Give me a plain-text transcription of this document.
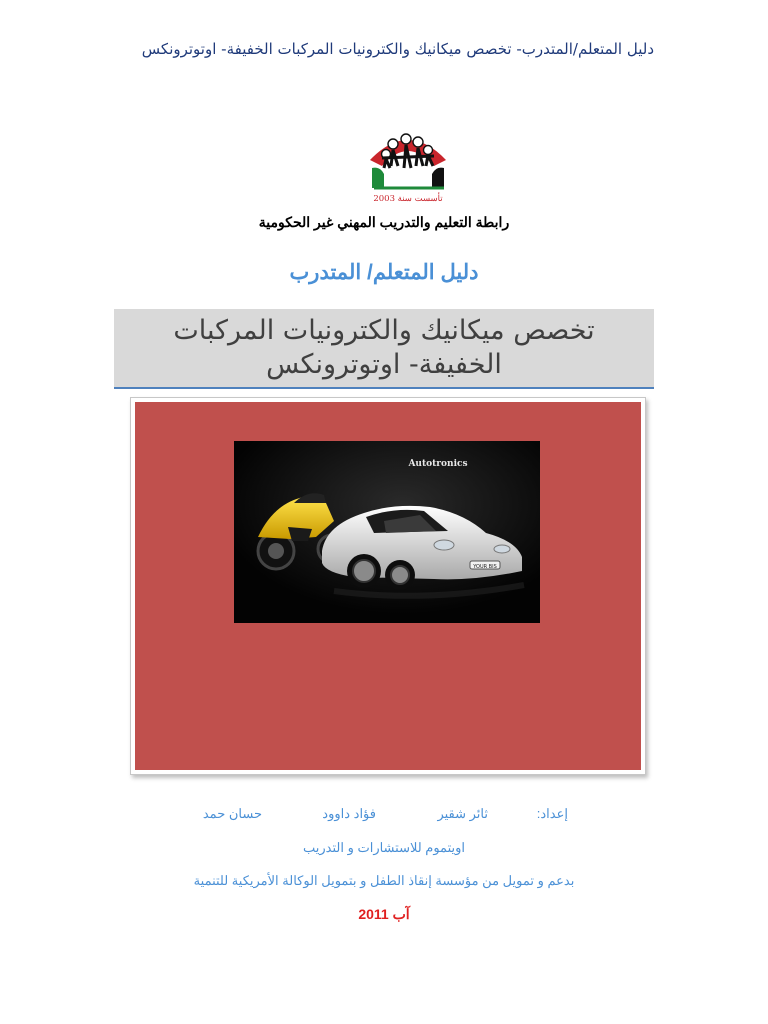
دليل المتعلم/المتدرب- تخصص ميكانيك والكترونيات المركبات الخفيفة- اوتوترونكس
تأسست سنة 2003
رابطة التعليم والتدريب المهني غير الحكومية
دليل المتعلم/ المتدرب
تخصص ميكانيك والكترونيات المركبات الخفيفة- اوتوترونكس
Autotronics
YOUR BIS
إعداد:
ثائر شقير
فؤاد داوود
حسان حمد
اويتموم للاستشارات و التدريب
بدعم و تمويل من مؤسسة إنقاذ الطفل و بتمويل الوكالة الأمريكية للتنمية
آب 2011
